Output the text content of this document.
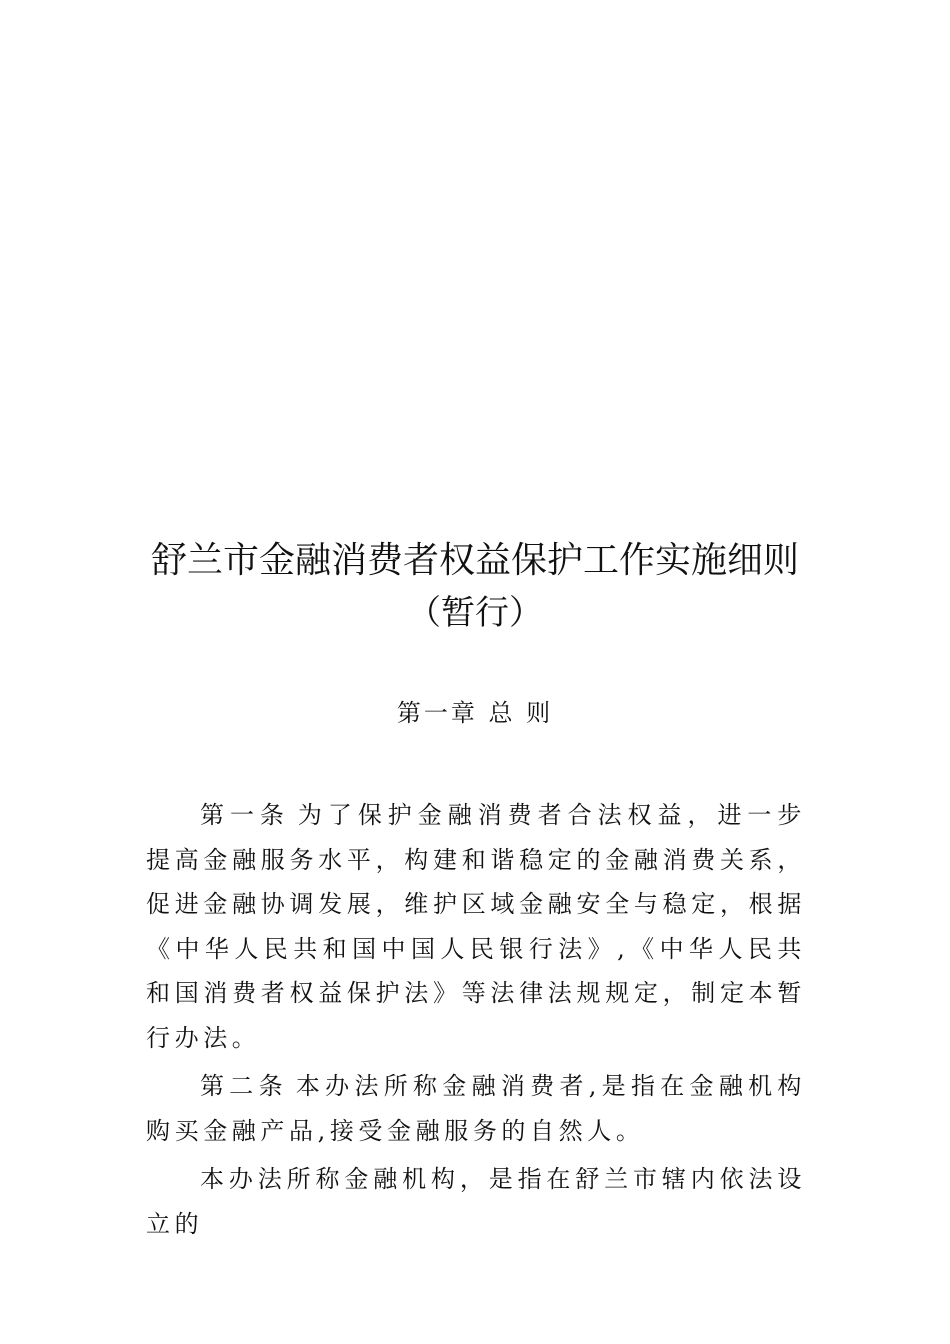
舒兰市金融消费者权益保护工作实施细则
（暂行）
第一章 总 则

第一条 为了保护金融消费者合法权益，进一步提高金融服务水平，构建和谐稳定的金融消费关系，促进金融协调发展，维护区域金融安全与稳定，根据《中华人民共和国中国人民银行法》,《中华人民共和国消费者权益保护法》等法律法规规定，制定本暂行办法。

第二条 本办法所称金融消费者,是指在金融机构购买金融产品,接受金融服务的自然人。

本办法所称金融机构，是指在舒兰市辖内依法设立的
